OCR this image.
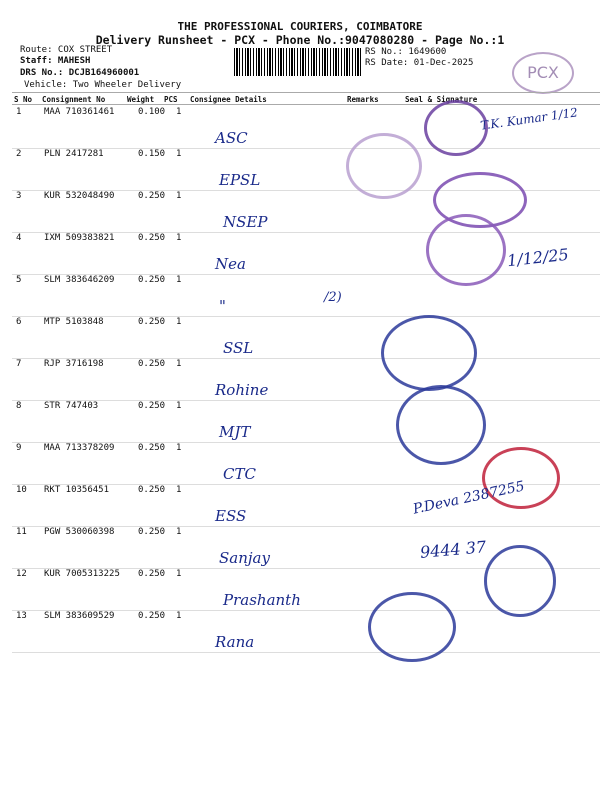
THE PROFESSIONAL COURIERS, COIMBATORE
Delivery Runsheet - PCX - Phone No.:9047080280 - Page No.:1
Route: COX STREET
Staff: MAHESH
DRS No.: DCJB164960001
Vehicle: Two Wheeler Delivery
RS No.: 1649600
RS Date: 01-Dec-2025	PCX
S No Consignment No	Weight PCS Consignee Details	Remarks	Seal & Signature
1	MAA 710361461	0.100 1
ASC
2	PLN 2417281	0.150 1
EPSL
3	KUR 532048490	0.250 1
NSEP
4	IXM 509383821	0.250 1
Nea
5	SLM 383646209	0.250 1
"
6	MTP 5103848	0.250 1
SSL
7	RJP 3716198	0.250 1
Rohine
8	STR 747403	0.250 1
MJT
9	MAA 713378209	0.250 1
CTC
10 RKT 10356451	0.250 1
ESS
11 PGW 530060398	0.250 1
Sanjay
12 KUR 7005313225 0.250 1
Prashanth
13 SLM 383609529	0.250 1
Rana
T.K. Kumar 1/12
1/12/25
/2)
P.Deva 2387255
9444 37
